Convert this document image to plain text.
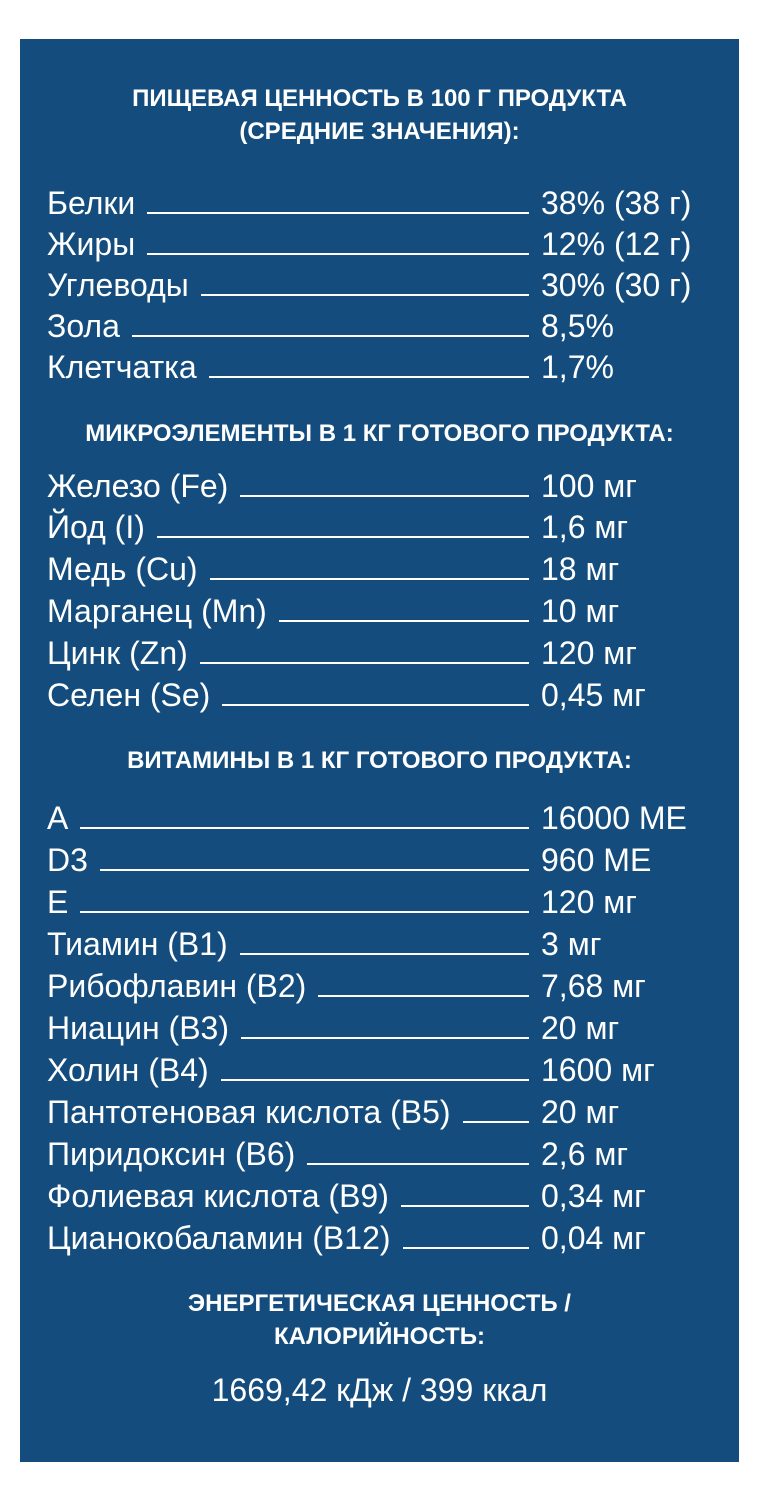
ПИЩЕВАЯ ЦЕННОСТЬ В 100 Г ПРОДУКТА
(СРЕДНИЕ ЗНАЧЕНИЯ):
Белки	38% (38 г)
Жиры	12% (12 г)
Углеводы	30% (30 г)
Зола	8,5%
Клетчатка	1,7%
МИКРОЭЛЕМЕНТЫ В 1 КГ ГОТОВОГО ПРОДУКТА:
Железо (Fe)	100 мг
Йод (I)	1,6 мг
Медь (Cu)	18 мг
Марганец (Mn)	10 мг
Цинк (Zn)	120 мг
Селен (Se)	0,45 мг
ВИТАМИНЫ В 1 КГ ГОТОВОГО ПРОДУКТА:
A	16000 МЕ
D3	960 МЕ
E	120 мг
Тиамин (B1)	3 мг
Рибофлавин (B2)	7,68 мг
Ниацин (B3)	20 мг
Холин (B4)	1600 мг
Пантотеновая кислота (B5)	20 мг
Пиридоксин (B6)	2,6 мг
Фолиевая кислота (B9)	0,34 мг
Цианокобаламин (B12)	0,04 мг
ЭНЕРГЕТИЧЕСКАЯ ЦЕННОСТЬ /
КАЛОРИЙНОСТЬ:
1669,42 кДж / 399 ккал
